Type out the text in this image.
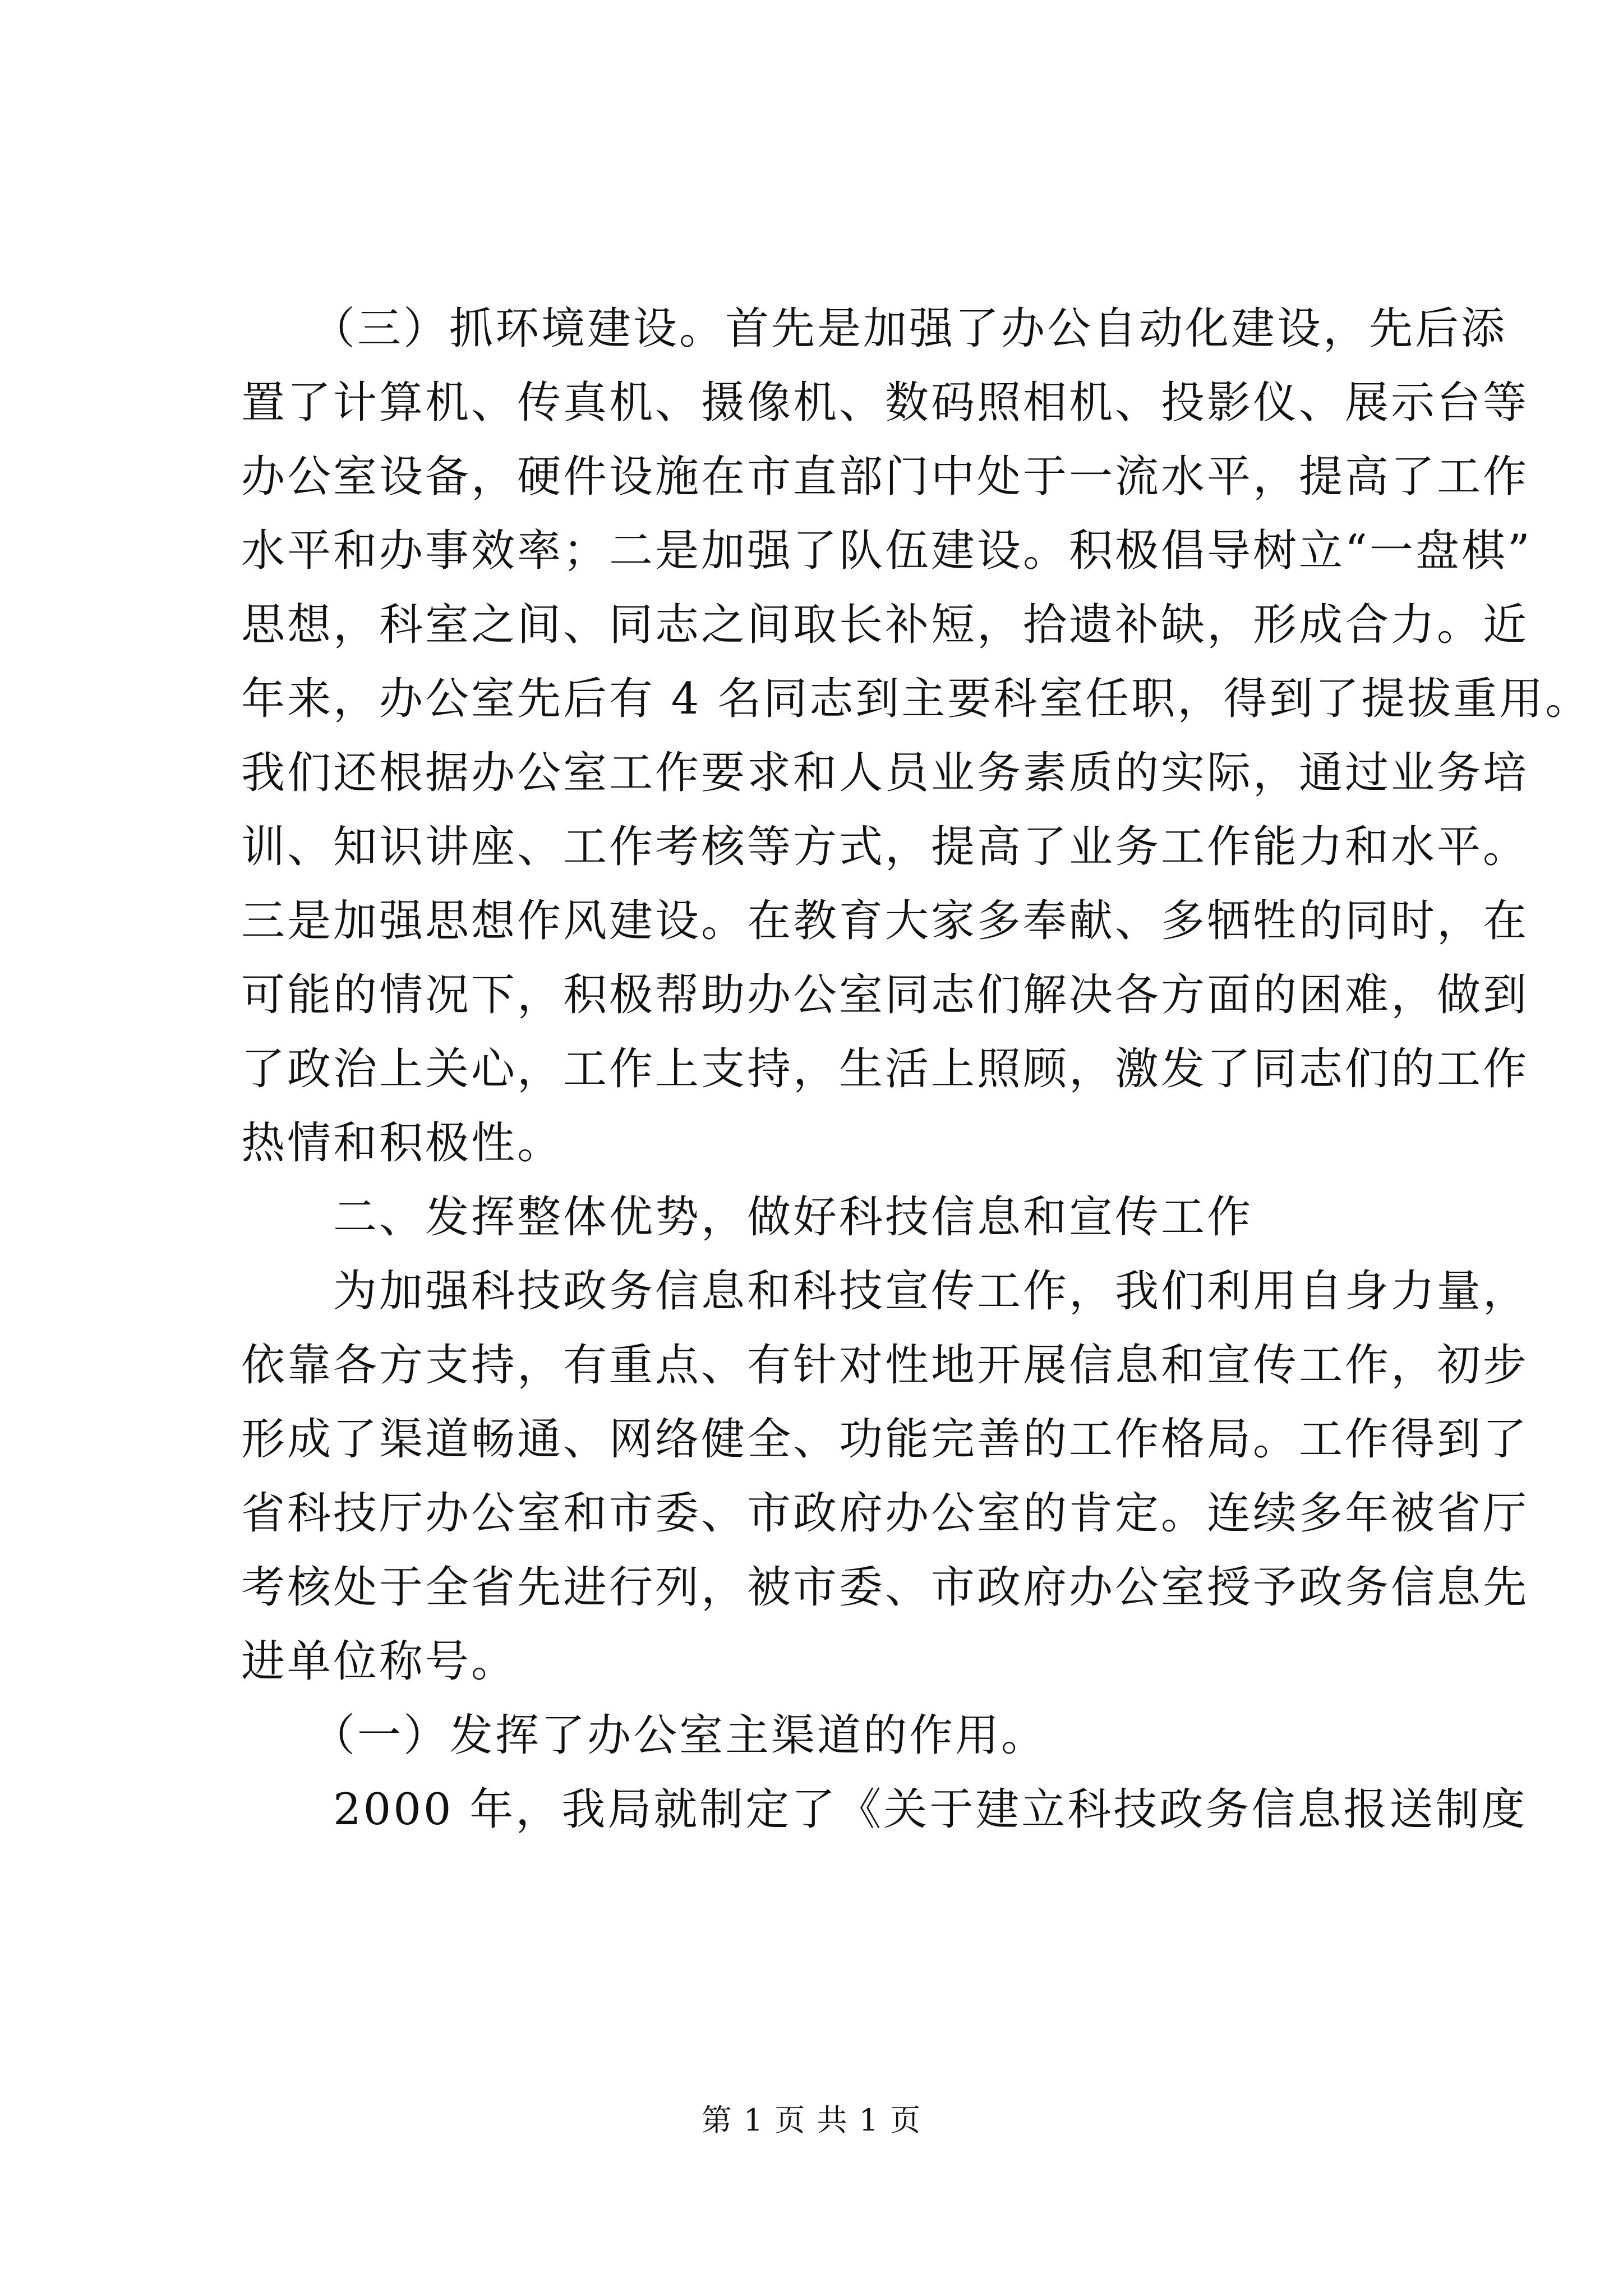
　　（三）抓环境建设。首先是加强了办公自动化建设，先后添
置了计算机、传真机、摄像机、数码照相机、投影仪、展示台等
办公室设备，硬件设施在市直部门中处于一流水平，提高了工作
水平和办事效率；二是加强了队伍建设。积极倡导树立“一盘棋”
思想，科室之间、同志之间取长补短，拾遗补缺，形成合力。近
年来，办公室先后有 4 名同志到主要科室任职，得到了提拔重用。
我们还根据办公室工作要求和人员业务素质的实际，通过业务培
训、知识讲座、工作考核等方式，提高了业务工作能力和水平。
三是加强思想作风建设。在教育大家多奉献、多牺牲的同时，在
可能的情况下，积极帮助办公室同志们解决各方面的困难，做到
了政治上关心，工作上支持，生活上照顾，激发了同志们的工作
热情和积极性。
　　二、发挥整体优势，做好科技信息和宣传工作
　　为加强科技政务信息和科技宣传工作，我们利用自身力量，
依靠各方支持，有重点、有针对性地开展信息和宣传工作，初步
形成了渠道畅通、网络健全、功能完善的工作格局。工作得到了
省科技厅办公室和市委、市政府办公室的肯定。连续多年被省厅
考核处于全省先进行列，被市委、市政府办公室授予政务信息先
进单位称号。
　　（一）发挥了办公室主渠道的作用。
　　2000 年，我局就制定了《关于建立科技政务信息报送制度
第 1 页 共 1 页
